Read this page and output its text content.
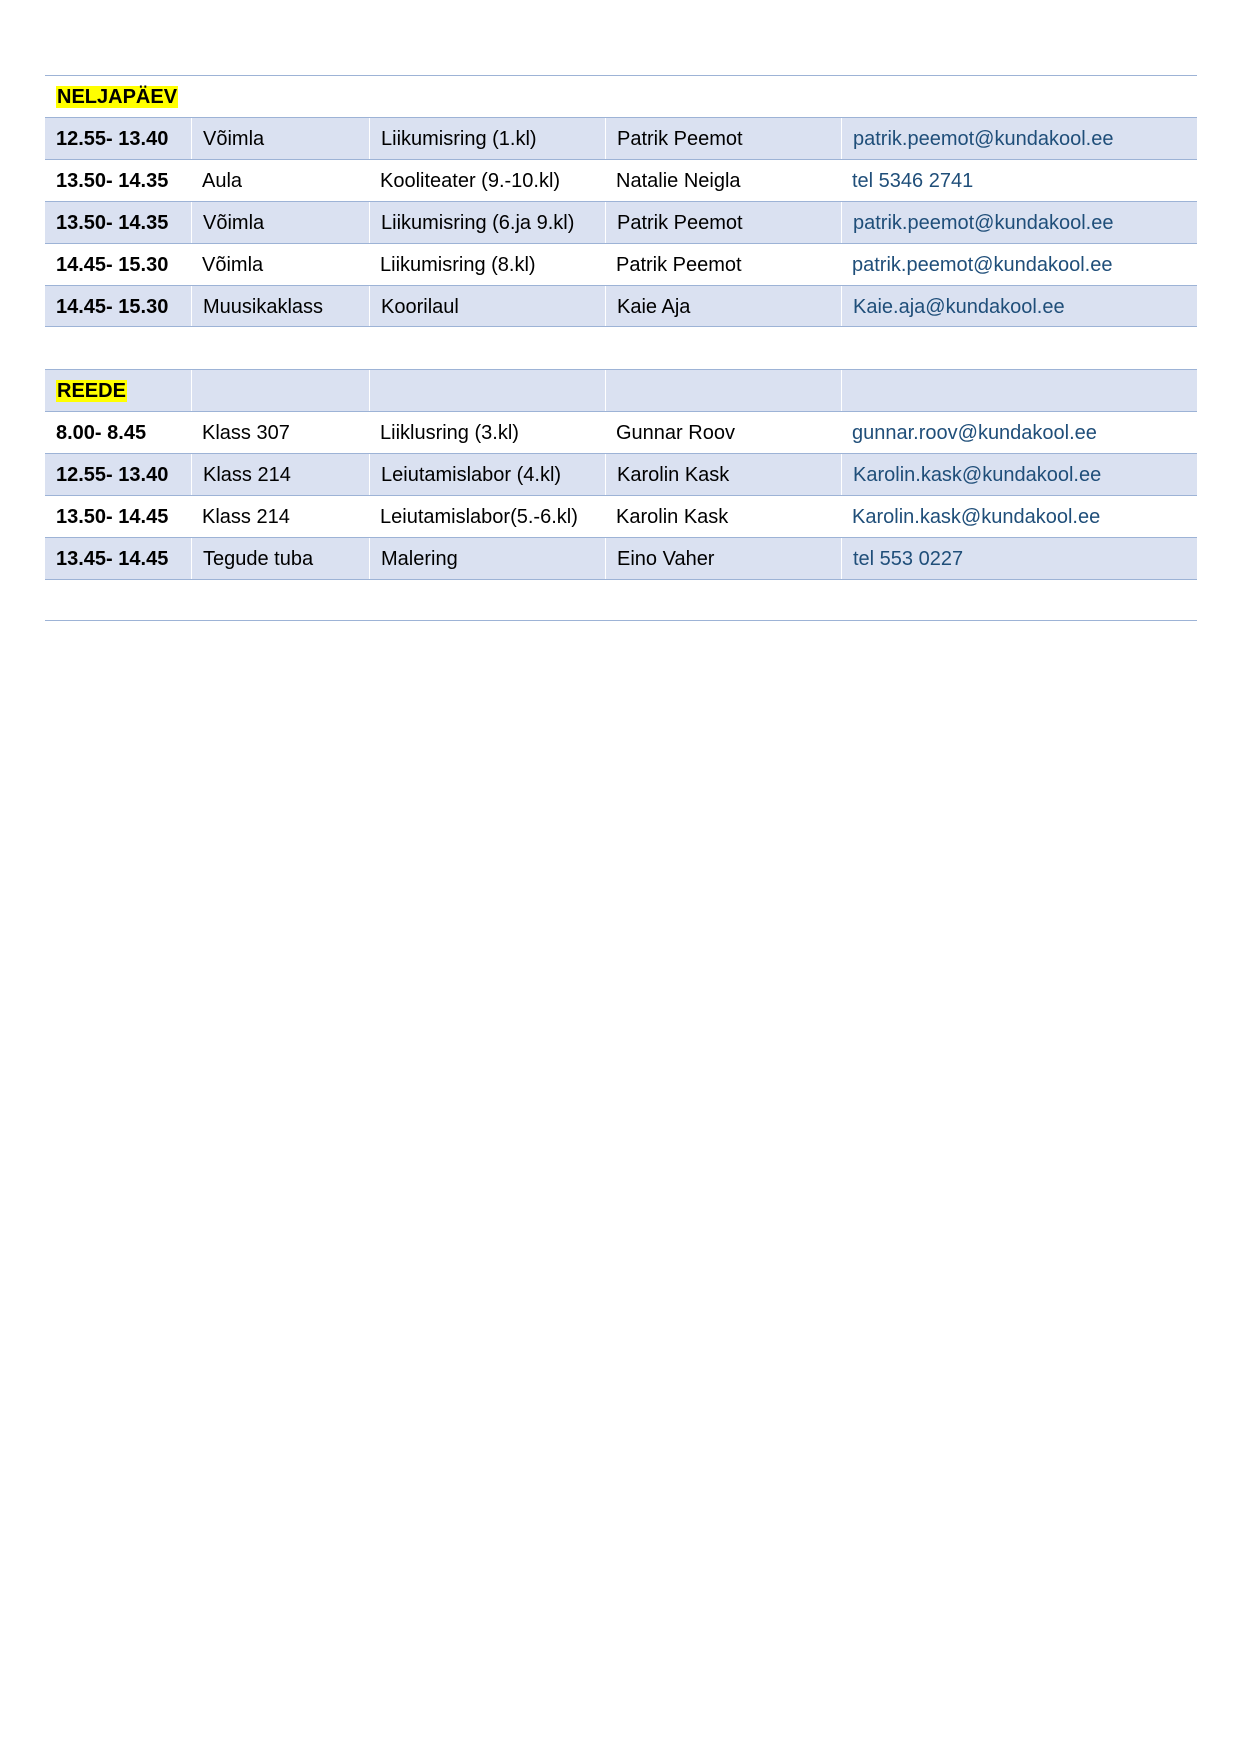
NELJAPÄEV
12.55- 13.40	Võimla	Liikumisring (1.kl)	Patrik Peemot	patrik.peemot@kundakool.ee
13.50- 14.35	Aula	Kooliteater (9.-10.kl)	Natalie Neigla	tel 5346 2741
13.50- 14.35	Võimla	Liikumisring (6.ja 9.kl)	Patrik Peemot	patrik.peemot@kundakool.ee
14.45- 15.30	Võimla	Liikumisring (8.kl)	Patrik Peemot	patrik.peemot@kundakool.ee
14.45- 15.30	Muusikaklass	Koorilaul	Kaie Aja	Kaie.aja@kundakool.ee
REEDE
8.00- 8.45	Klass 307	Liiklusring (3.kl)	Gunnar Roov	gunnar.roov@kundakool.ee
12.55- 13.40	Klass 214	Leiutamislabor (4.kl)	Karolin Kask	Karolin.kask@kundakool.ee
13.50- 14.45	Klass 214	Leiutamislabor(5.-6.kl)	Karolin Kask	Karolin.kask@kundakool.ee
13.45- 14.45	Tegude tuba	Malering	Eino Vaher	tel 553 0227
